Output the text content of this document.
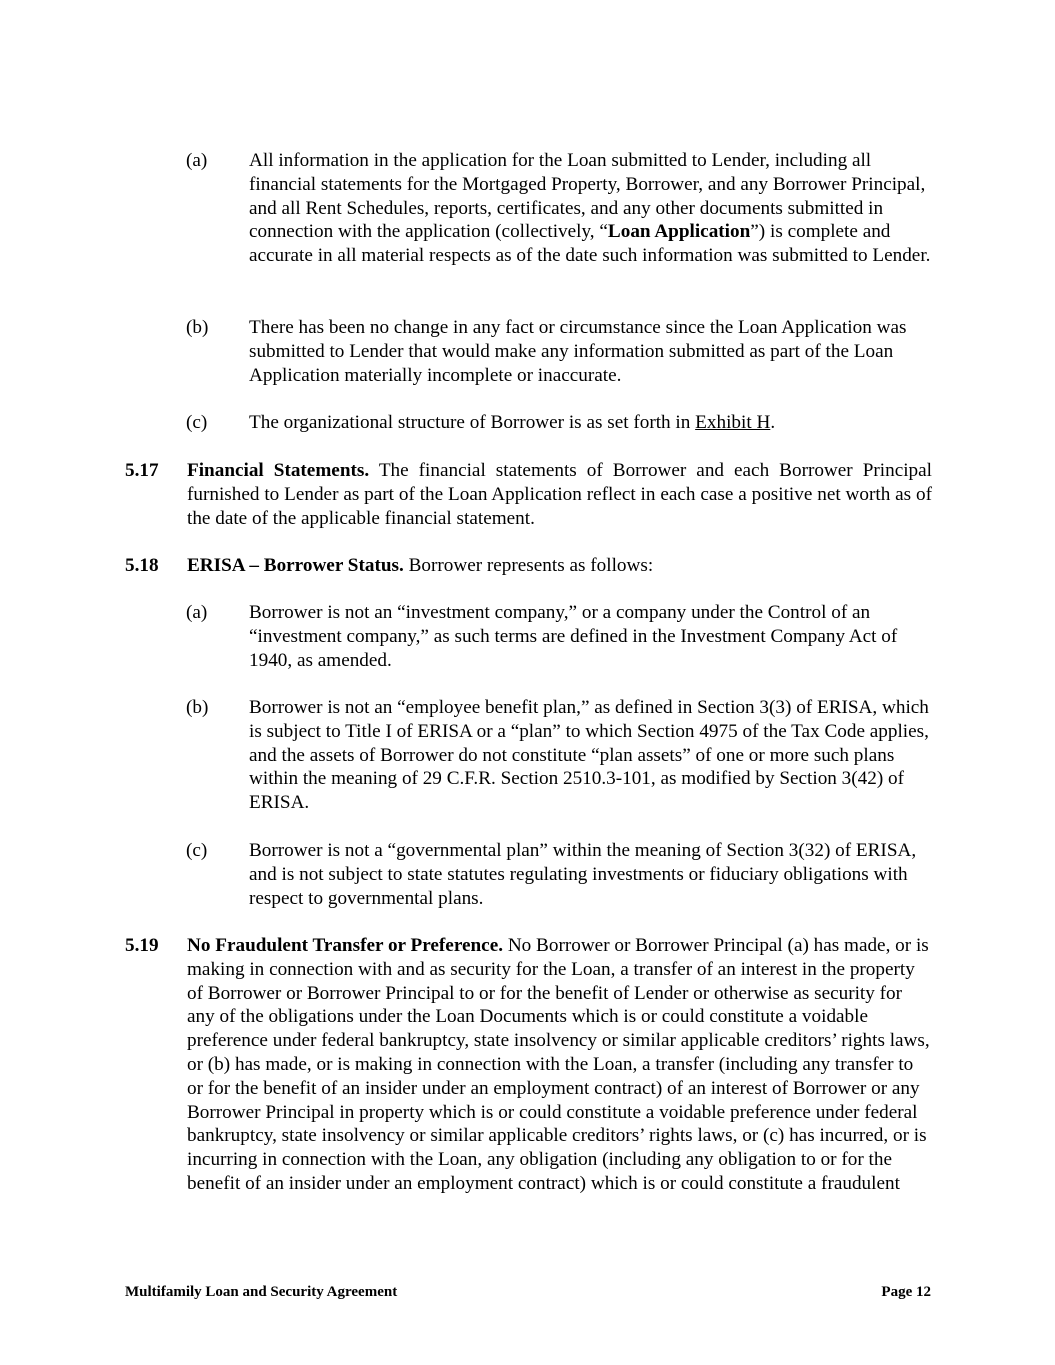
(a)	All information in the application for the Loan submitted to Lender, including all financial statements for the Mortgaged Property, Borrower, and any Borrower Principal, and all Rent Schedules, reports, certificates, and any other documents submitted in connection with the application (collectively, “Loan Application”) is complete and accurate in all material respects as of the date such information was submitted to Lender.

(b)	There has been no change in any fact or circumstance since the Loan Application was submitted to Lender that would make any information submitted as part of the Loan Application materially incomplete or inaccurate.

(c)	The organizational structure of Borrower is as set forth in Exhibit H.

5.17	Financial Statements. The financial statements of Borrower and each Borrower Principal furnished to Lender as part of the Loan Application reflect in each case a positive net worth as of the date of the applicable financial statement.

5.18	ERISA – Borrower Status. Borrower represents as follows:

(a)	Borrower is not an “investment company,” or a company under the Control of an “investment company,” as such terms are defined in the Investment Company Act of 1940, as amended.

(b)	Borrower is not an “employee benefit plan,” as defined in Section 3(3) of ERISA, which is subject to Title I of ERISA or a “plan” to which Section 4975 of the Tax Code applies, and the assets of Borrower do not constitute “plan assets” of one or more such plans within the meaning of 29 C.F.R. Section 2510.3-101, as modified by Section 3(42) of ERISA.

(c)	Borrower is not a “governmental plan” within the meaning of Section 3(32) of ERISA, and is not subject to state statutes regulating investments or fiduciary obligations with respect to governmental plans.

5.19	No Fraudulent Transfer or Preference. No Borrower or Borrower Principal (a) has made, or is making in connection with and as security for the Loan, a transfer of an interest in the property of Borrower or Borrower Principal to or for the benefit of Lender or otherwise as security for any of the obligations under the Loan Documents which is or could constitute a voidable preference under federal bankruptcy, state insolvency or similar applicable creditors’ rights laws, or (b) has made, or is making in connection with the Loan, a transfer (including any transfer to or for the benefit of an insider under an employment contract) of an interest of Borrower or any Borrower Principal in property which is or could constitute a voidable preference under federal bankruptcy, state insolvency or similar applicable creditors’ rights laws, or (c) has incurred, or is incurring in connection with the Loan, any obligation (including any obligation to or for the benefit of an insider under an employment contract) which is or could constitute a fraudulent

Multifamily Loan and Security Agreement	Page 12
